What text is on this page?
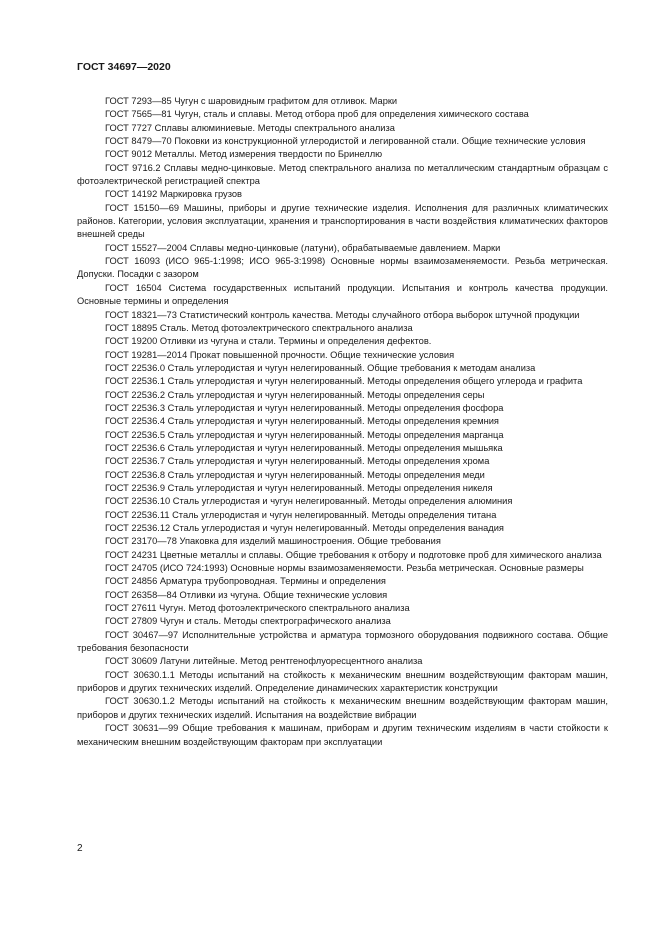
ГОСТ 34697—2020
ГОСТ 7293—85 Чугун с шаровидным графитом для отливок. Марки
ГОСТ 7565—81 Чугун, сталь и сплавы. Метод отбора проб для определения химического состава
ГОСТ 7727 Сплавы алюминиевые. Методы спектрального анализа
ГОСТ 8479—70 Поковки из конструкционной углеродистой и легированной стали. Общие технические условия
ГОСТ 9012 Металлы. Метод измерения твердости по Бринеллю
ГОСТ 9716.2 Сплавы медно-цинковые. Метод спектрального анализа по металлическим стандартным образцам с фотоэлектрической регистрацией спектра
ГОСТ 14192 Маркировка грузов
ГОСТ 15150—69 Машины, приборы и другие технические изделия. Исполнения для различных климатических районов. Категории, условия эксплуатации, хранения и транспортирования в части воздействия климатических факторов внешней среды
ГОСТ 15527—2004 Сплавы медно-цинковые (латуни), обрабатываемые давлением. Марки
ГОСТ 16093 (ИСО 965-1:1998; ИСО 965-3:1998) Основные нормы взаимозаменяемости. Резьба метрическая. Допуски. Посадки с зазором
ГОСТ 16504 Система государственных испытаний продукции. Испытания и контроль качества продукции. Основные термины и определения
ГОСТ 18321—73 Статистический контроль качества. Методы случайного отбора выборок штучной продукции
ГОСТ 18895 Сталь. Метод фотоэлектрического спектрального анализа
ГОСТ 19200 Отливки из чугуна и стали. Термины и определения дефектов.
ГОСТ 19281—2014 Прокат повышенной прочности. Общие технические условия
ГОСТ 22536.0 Сталь углеродистая и чугун нелегированный. Общие требования к методам анализа
ГОСТ 22536.1 Сталь углеродистая и чугун нелегированный. Методы определения общего углерода и графита
ГОСТ 22536.2 Сталь углеродистая и чугун нелегированный. Методы определения серы
ГОСТ 22536.3 Сталь углеродистая и чугун нелегированный. Методы определения фосфора
ГОСТ 22536.4 Сталь углеродистая и чугун нелегированный. Методы определения кремния
ГОСТ 22536.5 Сталь углеродистая и чугун нелегированный. Методы определения марганца
ГОСТ 22536.6 Сталь углеродистая и чугун нелегированный. Методы определения мышьяка
ГОСТ 22536.7 Сталь углеродистая и чугун нелегированный. Методы определения хрома
ГОСТ 22536.8 Сталь углеродистая и чугун нелегированный. Методы определения меди
ГОСТ 22536.9 Сталь углеродистая и чугун нелегированный. Методы определения никеля
ГОСТ 22536.10 Сталь углеродистая и чугун нелегированный. Методы определения алюминия
ГОСТ 22536.11 Сталь углеродистая и чугун нелегированный. Методы определения титана
ГОСТ 22536.12 Сталь углеродистая и чугун нелегированный. Методы определения ванадия
ГОСТ 23170—78 Упаковка для изделий машиностроения. Общие требования
ГОСТ 24231 Цветные металлы и сплавы. Общие требования к отбору и подготовке проб для химического анализа
ГОСТ 24705 (ИСО 724:1993) Основные нормы взаимозаменяемости. Резьба метрическая. Основные размеры
ГОСТ 24856 Арматура трубопроводная. Термины и определения
ГОСТ 26358—84 Отливки из чугуна. Общие технические условия
ГОСТ 27611 Чугун. Метод фотоэлектрического спектрального анализа
ГОСТ 27809 Чугун и сталь. Методы спектрографического анализа
ГОСТ 30467—97 Исполнительные устройства и арматура тормозного оборудования подвижного состава. Общие требования безопасности
ГОСТ 30609 Латуни литейные. Метод рентгенофлуоресцентного анализа
ГОСТ 30630.1.1 Методы испытаний на стойкость к механическим внешним воздействующим факторам машин, приборов и других технических изделий. Определение динамических характеристик конструкции
ГОСТ 30630.1.2 Методы испытаний на стойкость к механическим внешним воздействующим факторам машин, приборов и других технических изделий. Испытания на воздействие вибрации
ГОСТ 30631—99 Общие требования к машинам, приборам и другим техническим изделиям в части стойкости к механическим внешним воздействующим факторам при эксплуатации
2
